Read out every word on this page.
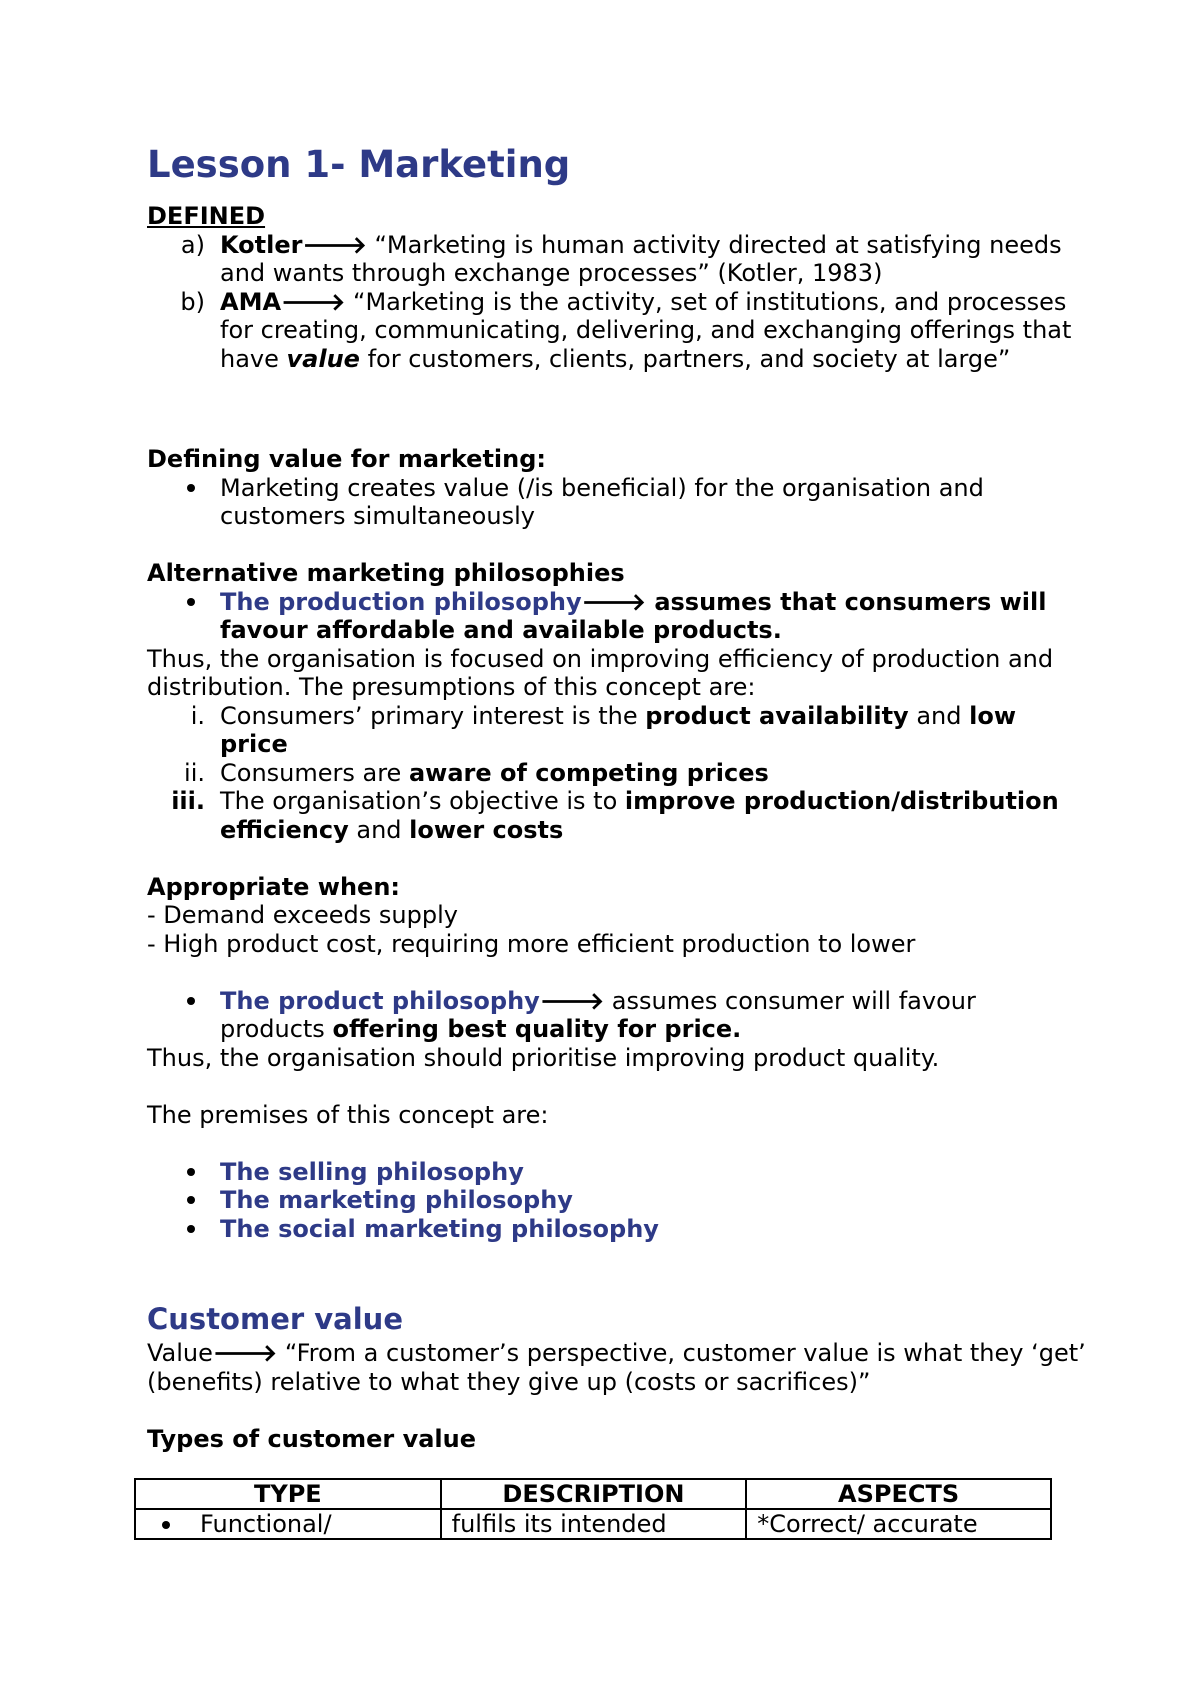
Lesson 1- Marketing
DEFINED
a) Kotler🡒 “Marketing is human activity directed at satisfying needs and wants through exchange processes” (Kotler, 1983)
b) AMA🡒 “Marketing is the activity, set of institutions, and processes for creating, communicating, delivering, and exchanging offerings that have value for customers, clients, partners, and society at large”
Defining value for marketing:
Marketing creates value (/is beneficial) for the organisation and customers simultaneously
Alternative marketing philosophies
The production philosophy🡒 assumes that consumers will favour affordable and available products.
Thus, the organisation is focused on improving efficiency of production and distribution. The presumptions of this concept are:
i. Consumers’ primary interest is the product availability and low price
ii. Consumers are aware of competing prices
iii. The organisation’s objective is to improve production/distribution efficiency and lower costs
Appropriate when:
- Demand exceeds supply
- High product cost, requiring more efficient production to lower
The product philosophy🡒 assumes consumer will favour products offering best quality for price.
Thus, the organisation should prioritise improving product quality.
The premises of this concept are:
The selling philosophy
The marketing philosophy
The social marketing philosophy
Customer value
Value🡒 “From a customer’s perspective, customer value is what they ‘get’ (benefits) relative to what they give up (costs or sacrifices)”
Types of customer value
TYPE	DESCRIPTION	ASPECTS
Functional/	fulfils its intended	*Correct/ accurate
